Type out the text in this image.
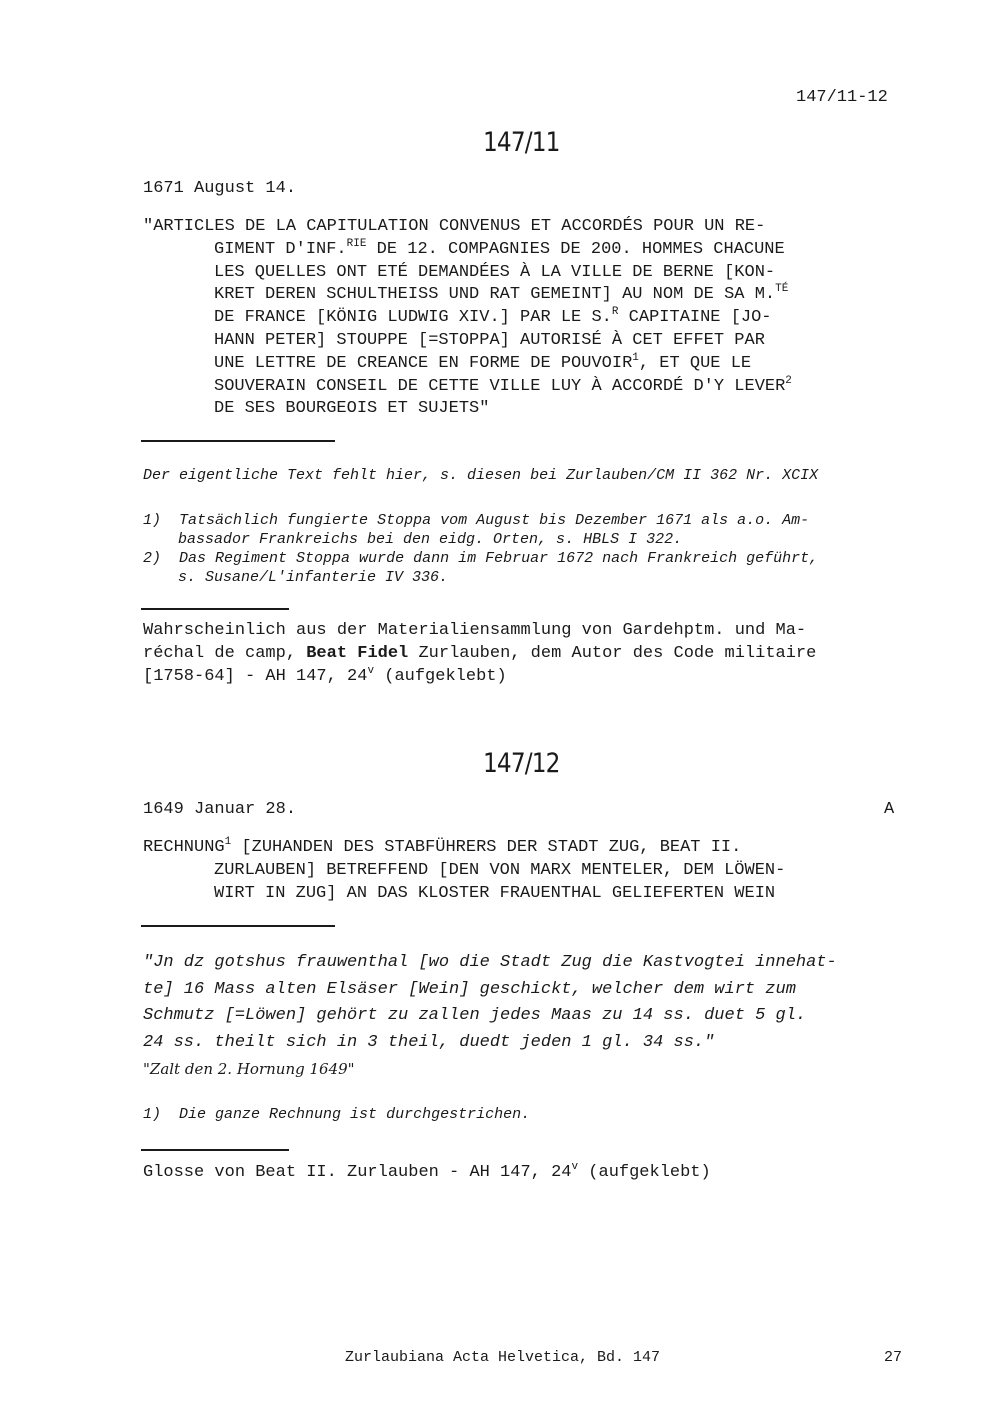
147/11-12
147/11
1671 August 14.
"ARTICLES DE LA CAPITULATION CONVENUS ET ACCORDÉS POUR UN RE-
GIMENT D'INF.$^{RIE}$ DE 12. COMPAGNIES DE 200. HOMMES CHACUNE
LES QUELLES ONT ETÉ DEMANDÉES À LA VILLE DE BERNE [KON-
KRET DEREN SCHULTHEISS UND RAT GEMEINT] AU NOM DE SA M.$^{TÉ}$
DE FRANCE [KÖNIG LUDWIG XIV.] PAR LE S.$^R$ CAPITAINE [JO-
HANN PETER] STOUPPE [=STOPPA] AUTORISÉ À CET EFFET PAR
UNE LETTRE DE CREANCE EN FORME DE POUVOIR$^1$, ET QUE LE
SOUVERAIN CONSEIL DE CETTE VILLE LUY À ACCORDÉ D'Y LEVER$^2$
DE SES BOURGEOIS ET SUJETS"
Der eigentliche Text fehlt hier, s. diesen bei Zurlauben/CM II 362 Nr. XCIX
1) Tatsächlich fungierte Stoppa vom August bis Dezember 1671 als a.o. Am-
bassador Frankreichs bei den eidg. Orten, s. HBLS I 322.
2) Das Regiment Stoppa wurde dann im Februar 1672 nach Frankreich geführt,
s. Susane/L'infanterie IV 336.
Wahrscheinlich aus der Materialiensammlung von Gardehptm. und Ma-
réchal de camp, Beat Fidel Zurlauben, dem Autor des Code militaire
[1758-64] - AH 147, 24$^v$ (aufgeklebt)
147/12
1649 Januar 28.	A
RECHNUNG$^1$ [ZUHANDEN DES STABFÜHRERS DER STADT ZUG, BEAT II.
ZURLAUBEN] BETREFFEND [DEN VON MARX MENTELER, DEM LÖWEN-
WIRT IN ZUG] AN DAS KLOSTER FRAUENTHAL GELIEFERTEN WEIN
"Jn dz gotshus frauwenthal [wo die Stadt Zug die Kastvogtei innehat-
te] 16 Mass alten Elsäser [Wein] geschickt, welcher dem wirt zum
Schmutz [=Löwen] gehört zu zallen jedes Maas zu 14 ss. duet 5 gl.
24 ss. theilt sich in 3 theil, duedt jeden 1 gl. 34 ss."
"Zalt den 2. Hornung 1649"
1) Die ganze Rechnung ist durchgestrichen.
Glosse von Beat II. Zurlauben - AH 147, 24$^v$ (aufgeklebt)
Zurlaubiana Acta Helvetica, Bd. 147	27
